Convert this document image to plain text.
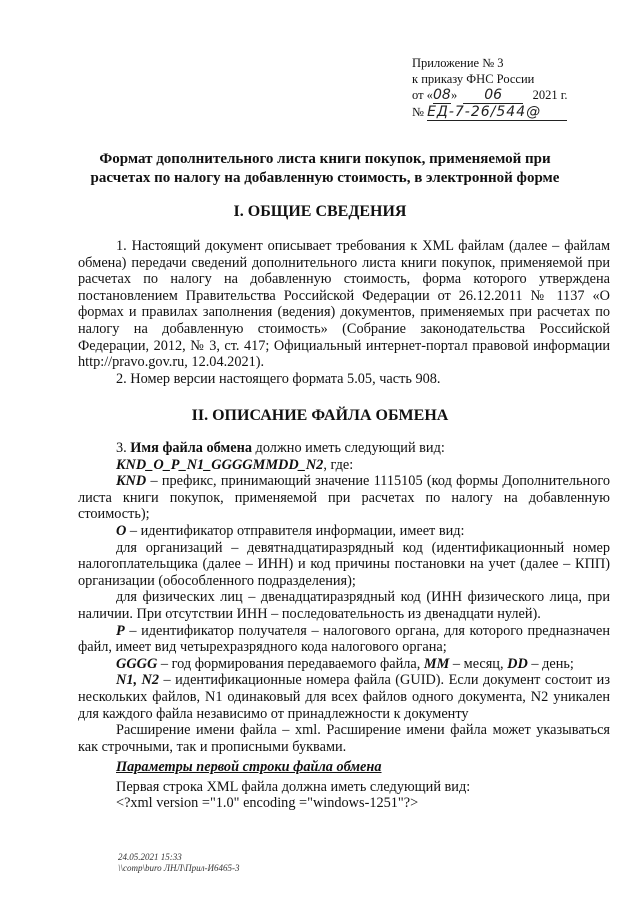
Приложение № 3
к приказу ФНС России
от «08» 06 2021 г.
№ ЕД-7-26/544@
Формат дополнительного листа книги покупок, применяемой при расчетах по налогу на добавленную стоимость, в электронной форме
I. ОБЩИЕ СВЕДЕНИЯ

1. Настоящий документ описывает требования к XML файлам (далее – файлам обмена) передачи сведений дополнительного листа книги покупок, применяемой при расчетах по налогу на добавленную стоимость, форма которого утверждена постановлением Правительства Российской Федерации от 26.12.2011 № 1137 «О формах и правилах заполнения (ведения) документов, применяемых при расчетах по налогу на добавленную стоимость» (Собрание законодательства Российской Федерации, 2012, № 3, ст. 417; Официальный интернет-портал правовой информации http://pravo.gov.ru, 12.04.2021).

2. Номер версии настоящего формата 5.05, часть 908.

II. ОПИСАНИЕ ФАЙЛА ОБМЕНА

3. Имя файла обмена должно иметь следующий вид:

KND_O_P_N1_GGGGMMDD_N2, где:

KND – префикс, принимающий значение 1115105 (код формы Дополнительного листа книги покупок, применяемой при расчетах по налогу на добавленную стоимость);

O – идентификатор отправителя информации, имеет вид:

для организаций – девятнадцатиразрядный код (идентификационный номер налогоплательщика (далее – ИНН) и код причины постановки на учет (далее – КПП) организации (обособленного подразделения);

для физических лиц – двенадцатиразрядный код (ИНН физического лица, при наличии. При отсутствии ИНН – последовательность из двенадцати нулей).

P – идентификатор получателя – налогового органа, для которого предназначен файл, имеет вид четырехразрядного кода налогового органа;

GGGG – год формирования передаваемого файла, MM – месяц, DD – день;

N1, N2 – идентификационные номера файла (GUID). Если документ состоит из нескольких файлов, N1 одинаковый для всех файлов одного документа, N2 уникален для каждого файла независимо от принадлежности к документу

Расширение имени файла – xml. Расширение имени файла может указываться как строчными, так и прописными буквами.

Параметры первой строки файла обмена

Первая строка XML файла должна иметь следующий вид:

<?xml version ="1.0" encoding ="windows-1251"?>

24.05.2021 15:33
\\comp\buro ЛНЛ\Прил-И6465-3
